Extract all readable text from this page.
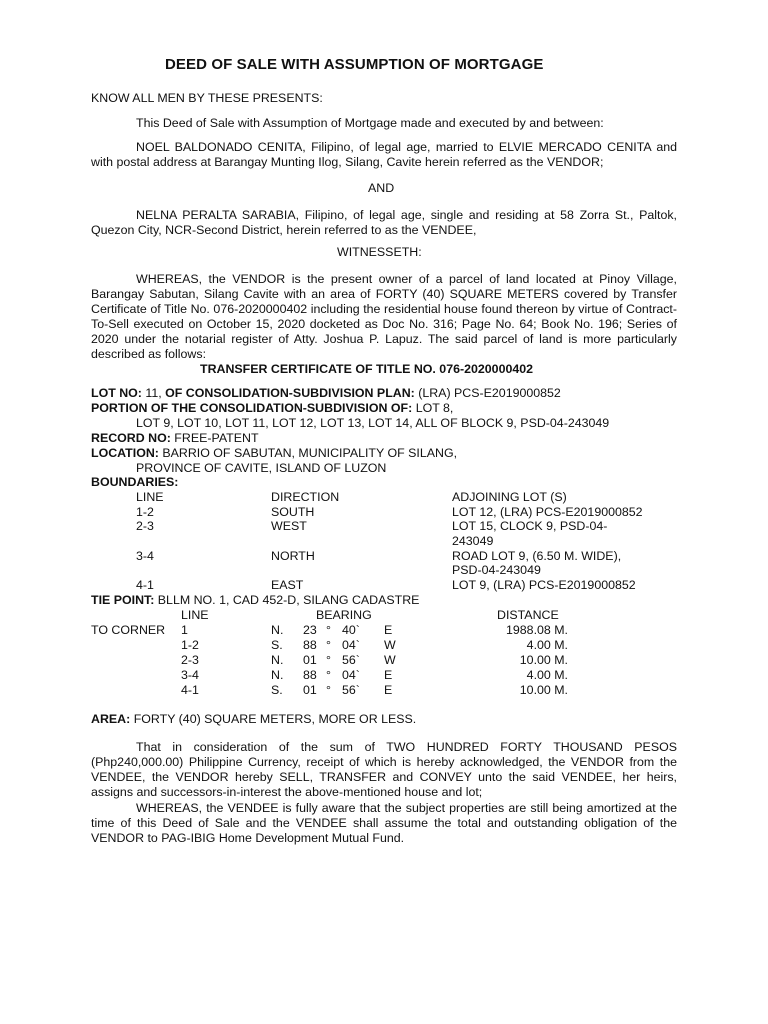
DEED OF SALE WITH ASSUMPTION OF MORTGAGE
KNOW ALL MEN BY THESE PRESENTS:
This Deed of Sale with Assumption of Mortgage made and executed by and between:
NOEL BALDONADO CENITA, Filipino, of legal age, married to ELVIE MERCADO CENITA and with postal address at Barangay Munting Ilog, Silang, Cavite herein referred as the VENDOR;
AND
NELNA PERALTA SARABIA, Filipino, of legal age, single and residing at 58 Zorra St., Paltok, Quezon City, NCR-Second District, herein referred to as the VENDEE,
WITNESSETH:
WHEREAS, the VENDOR is the present owner of a parcel of land located at Pinoy Village, Barangay Sabutan, Silang Cavite with an area of FORTY (40) SQUARE METERS covered by Transfer Certificate of Title No. 076-2020000402 including the residential house found thereon by virtue of Contract-To-Sell executed on October 15, 2020 docketed as Doc No. 316; Page No. 64; Book No. 196; Series of 2020 under the notarial register of Atty. Joshua P. Lapuz. The said parcel of land is more particularly described as follows:
TRANSFER CERTIFICATE OF TITLE NO. 076-2020000402
LOT NO: 11, OF CONSOLIDATION-SUBDIVISION PLAN: (LRA) PCS-E2019000852
PORTION OF THE CONSOLIDATION-SUBDIVISION OF: LOT 8,
LOT 9, LOT 10, LOT 11, LOT 12, LOT 13, LOT 14, ALL OF BLOCK 9, PSD-04-243049
RECORD NO: FREE-PATENT
LOCATION: BARRIO OF SABUTAN, MUNICIPALITY OF SILANG,
PROVINCE OF CAVITE, ISLAND OF LUZON
BOUNDARIES:
LINE	DIRECTION	ADJOINING LOT (S)
1-2	SOUTH	LOT 12, (LRA) PCS-E2019000852
2-3	WEST	LOT 15, CLOCK 9, PSD-04-
243049
3-4	NORTH	ROAD LOT 9, (6.50 M. WIDE),
PSD-04-243049
4-1	EAST	LOT 9, (LRA) PCS-E2019000852
TIE POINT: BLLM NO. 1, CAD 452-D, SILANG CADASTRE
LINE	BEARING	DISTANCE
TO CORNER 1	N. 23 ° 40` E	1988.08 M.
1-2	S. 88 ° 04` W	4.00 M.
2-3	N. 01 ° 56` W	10.00 M.
3-4	N. 88 ° 04` E	4.00 M.
4-1	S. 01 ° 56` E	10.00 M.
AREA: FORTY (40) SQUARE METERS, MORE OR LESS.
That in consideration of the sum of TWO HUNDRED FORTY THOUSAND PESOS (Php240,000.00) Philippine Currency, receipt of which is hereby acknowledged, the VENDOR from the VENDEE, the VENDOR hereby SELL, TRANSFER and CONVEY unto the said VENDEE, her heirs, assigns and successors-in-interest the above-mentioned house and lot;
WHEREAS, the VENDEE is fully aware that the subject properties are still being amortized at the time of this Deed of Sale and the VENDEE shall assume the total and outstanding obligation of the VENDOR to PAG-IBIG Home Development Mutual Fund.
